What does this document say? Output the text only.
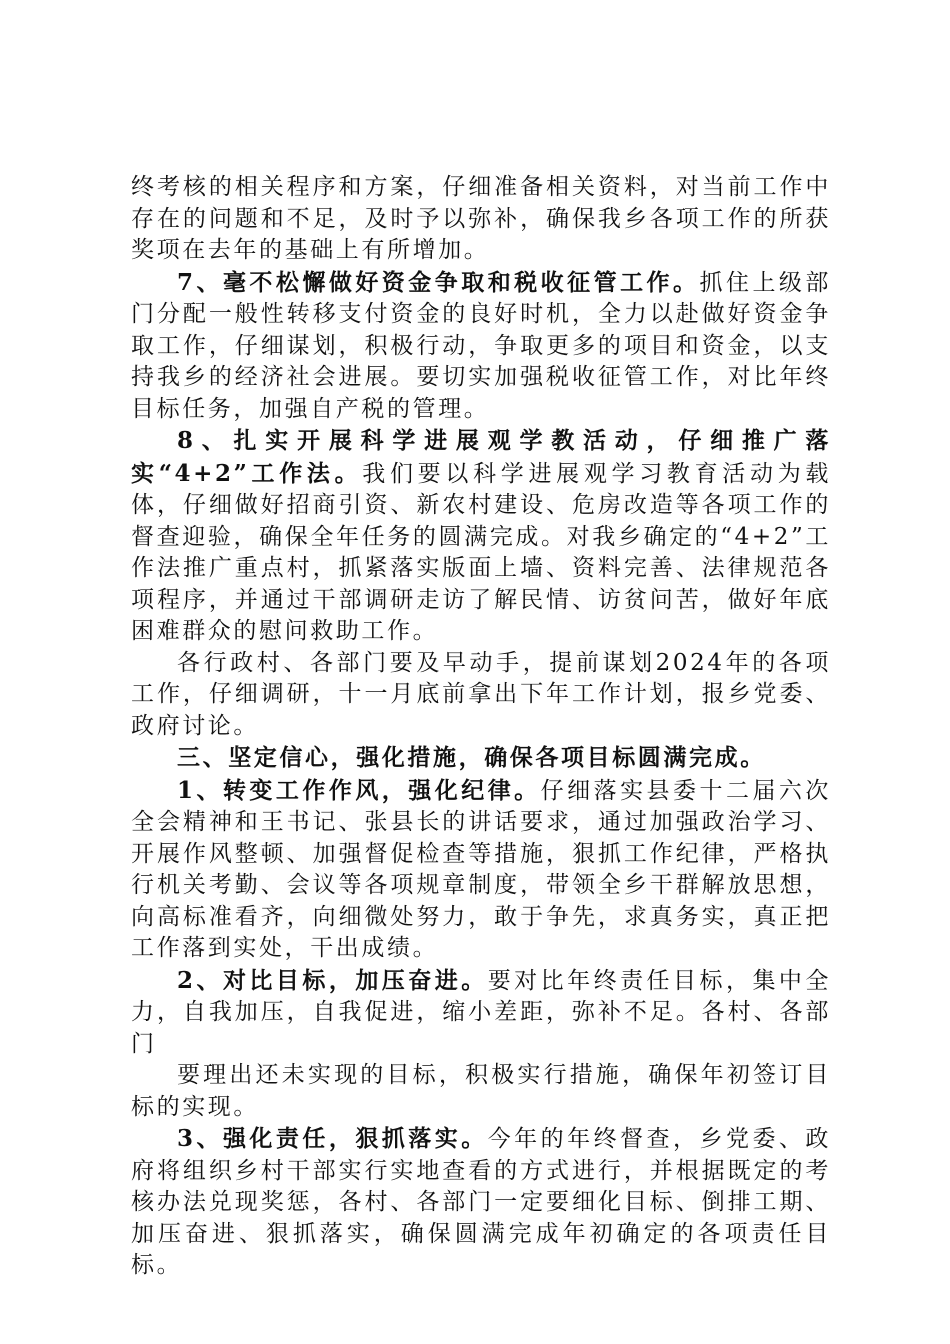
终考核的相关程序和方案，仔细准备相关资料，对当前工作中存在的问题和不足，及时予以弥补，确保我乡各项工作的所获奖项在去年的基础上有所增加。

7、毫不松懈做好资金争取和税收征管工作。抓住上级部门分配一般性转移支付资金的良好时机，全力以赴做好资金争取工作，仔细谋划，积极行动，争取更多的项目和资金，以支持我乡的经济社会进展。要切实加强税收征管工作，对比年终目标任务，加强自产税的管理。

8、扎实开展科学进展观学教活动，仔细推广落实“4+2”工作法。我们要以科学进展观学习教育活动为载体，仔细做好招商引资、新农村建设、危房改造等各项工作的督查迎验，确保全年任务的圆满完成。对我乡确定的“4+2”工作法推广重点村，抓紧落实版面上墙、资料完善、法律规范各项程序，并通过干部调研走访了解民情、访贫问苦，做好年底困难群众的慰问救助工作。

各行政村、各部门要及早动手，提前谋划2024年的各项工作，仔细调研，十一月底前拿出下年工作计划，报乡党委、政府讨论。

三、坚定信心，强化措施，确保各项目标圆满完成。

1、转变工作作风，强化纪律。仔细落实县委十二届六次全会精神和王书记、张县长的讲话要求，通过加强政治学习、开展作风整顿、加强督促检查等措施，狠抓工作纪律，严格执行机关考勤、会议等各项规章制度，带领全乡干群解放思想，向高标准看齐，向细微处努力，敢于争先，求真务实，真正把工作落到实处，干出成绩。

2、对比目标，加压奋进。要对比年终责任目标，集中全力，自我加压，自我促进，缩小差距，弥补不足。各村、各部门

要理出还未实现的目标，积极实行措施，确保年初签订目标的实现。

3、强化责任，狠抓落实。今年的年终督查，乡党委、政府将组织乡村干部实行实地查看的方式进行，并根据既定的考核办法兑现奖惩，各村、各部门一定要细化目标、倒排工期、加压奋进、狠抓落实，确保圆满完成年初确定的各项责任目标。
